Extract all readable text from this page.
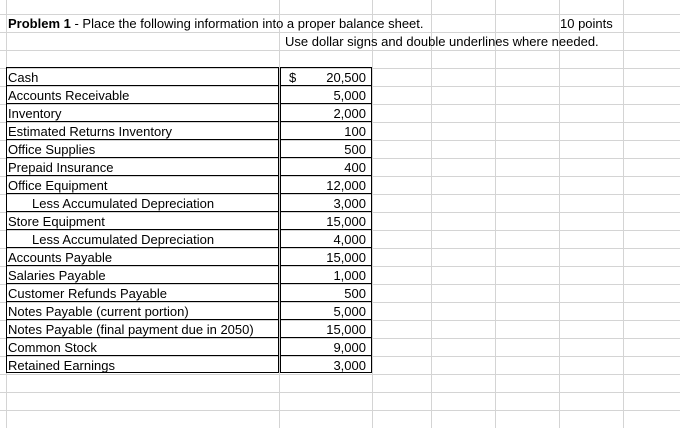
Problem 1 - Place the following information into a proper balance sheet.	10 points
Use dollar signs and double underlines where needed.
$
Cash	20,500
Accounts Receivable	5,000
Inventory	2,000
Estimated Returns Inventory	100
Office Supplies	500
Prepaid Insurance	400
Office Equipment	12,000
Less Accumulated Depreciation	3,000
Store Equipment	15,000
Less Accumulated Depreciation	4,000
Accounts Payable	15,000
Salaries Payable	1,000
Customer Refunds Payable	500
Notes Payable (current portion)	5,000
Notes Payable (final payment due in 2050)	15,000
Common Stock	9,000
Retained Earnings	3,000
